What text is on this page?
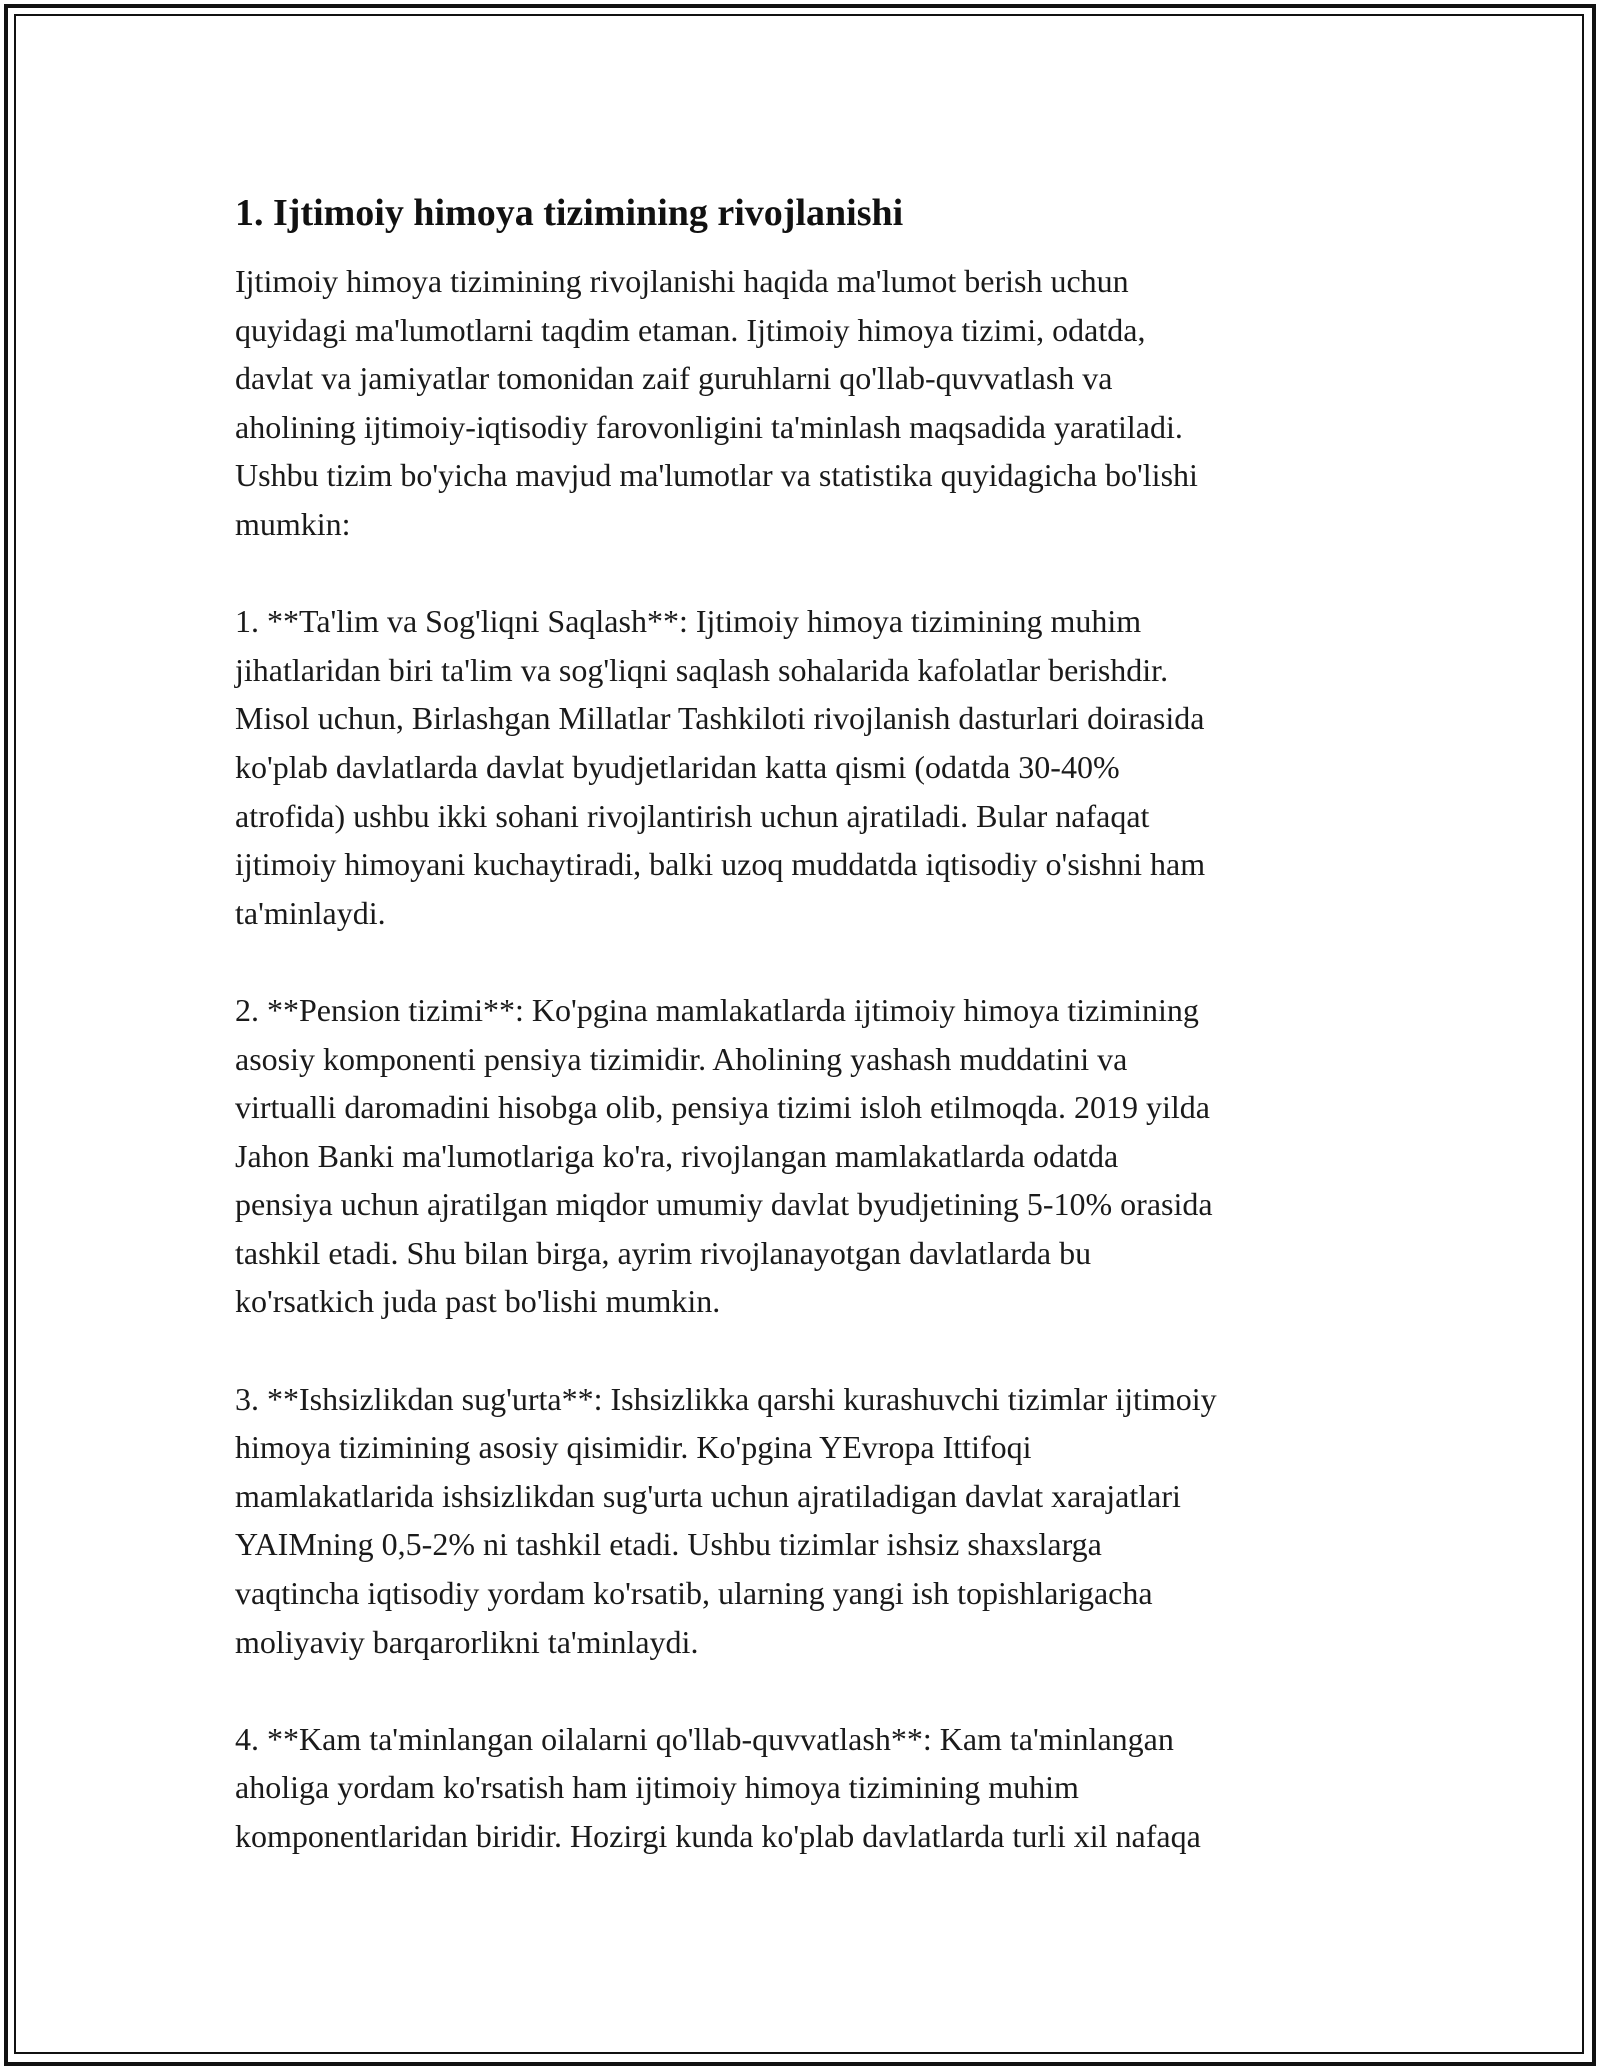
1. Ijtimoiy himoya tizimining rivojlanishi

Ijtimoiy himoya tizimining rivojlanishi haqida ma'lumot berish uchun
quyidagi ma'lumotlarni taqdim etaman. Ijtimoiy himoya tizimi, odatda,
davlat va jamiyatlar tomonidan zaif guruhlarni qo'llab-quvvatlash va
aholining ijtimoiy-iqtisodiy farovonligini ta'minlash maqsadida yaratiladi.
Ushbu tizim bo'yicha mavjud ma'lumotlar va statistika quyidagicha bo'lishi
mumkin:

1. **Ta'lim va Sog'liqni Saqlash**: Ijtimoiy himoya tizimining muhim
jihatlaridan biri ta'lim va sog'liqni saqlash sohalarida kafolatlar berishdir.
Misol uchun, Birlashgan Millatlar Tashkiloti rivojlanish dasturlari doirasida
ko'plab davlatlarda davlat byudjetlaridan katta qismi (odatda 30-40%
atrofida) ushbu ikki sohani rivojlantirish uchun ajratiladi. Bular nafaqat
ijtimoiy himoyani kuchaytiradi, balki uzoq muddatda iqtisodiy o'sishni ham
ta'minlaydi.

2. **Pension tizimi**: Ko'pgina mamlakatlarda ijtimoiy himoya tizimining
asosiy komponenti pensiya tizimidir. Aholining yashash muddatini va
virtualli daromadini hisobga olib, pensiya tizimi isloh etilmoqda. 2019 yilda
Jahon Banki ma'lumotlariga ko'ra, rivojlangan mamlakatlarda odatda
pensiya uchun ajratilgan miqdor umumiy davlat byudjetining 5-10% orasida
tashkil etadi. Shu bilan birga, ayrim rivojlanayotgan davlatlarda bu
ko'rsatkich juda past bo'lishi mumkin.

3. **Ishsizlikdan sug'urta**: Ishsizlikka qarshi kurashuvchi tizimlar ijtimoiy
himoya tizimining asosiy qisimidir. Ko'pgina YEvropa Ittifoqi
mamlakatlarida ishsizlikdan sug'urta uchun ajratiladigan davlat xarajatlari
YAIMning 0,5-2% ni tashkil etadi. Ushbu tizimlar ishsiz shaxslarga
vaqtincha iqtisodiy yordam ko'rsatib, ularning yangi ish topishlarigacha
moliyaviy barqarorlikni ta'minlaydi.

4. **Kam ta'minlangan oilalarni qo'llab-quvvatlash**: Kam ta'minlangan
aholiga yordam ko'rsatish ham ijtimoiy himoya tizimining muhim
komponentlaridan biridir. Hozirgi kunda ko'plab davlatlarda turli xil nafaqa
